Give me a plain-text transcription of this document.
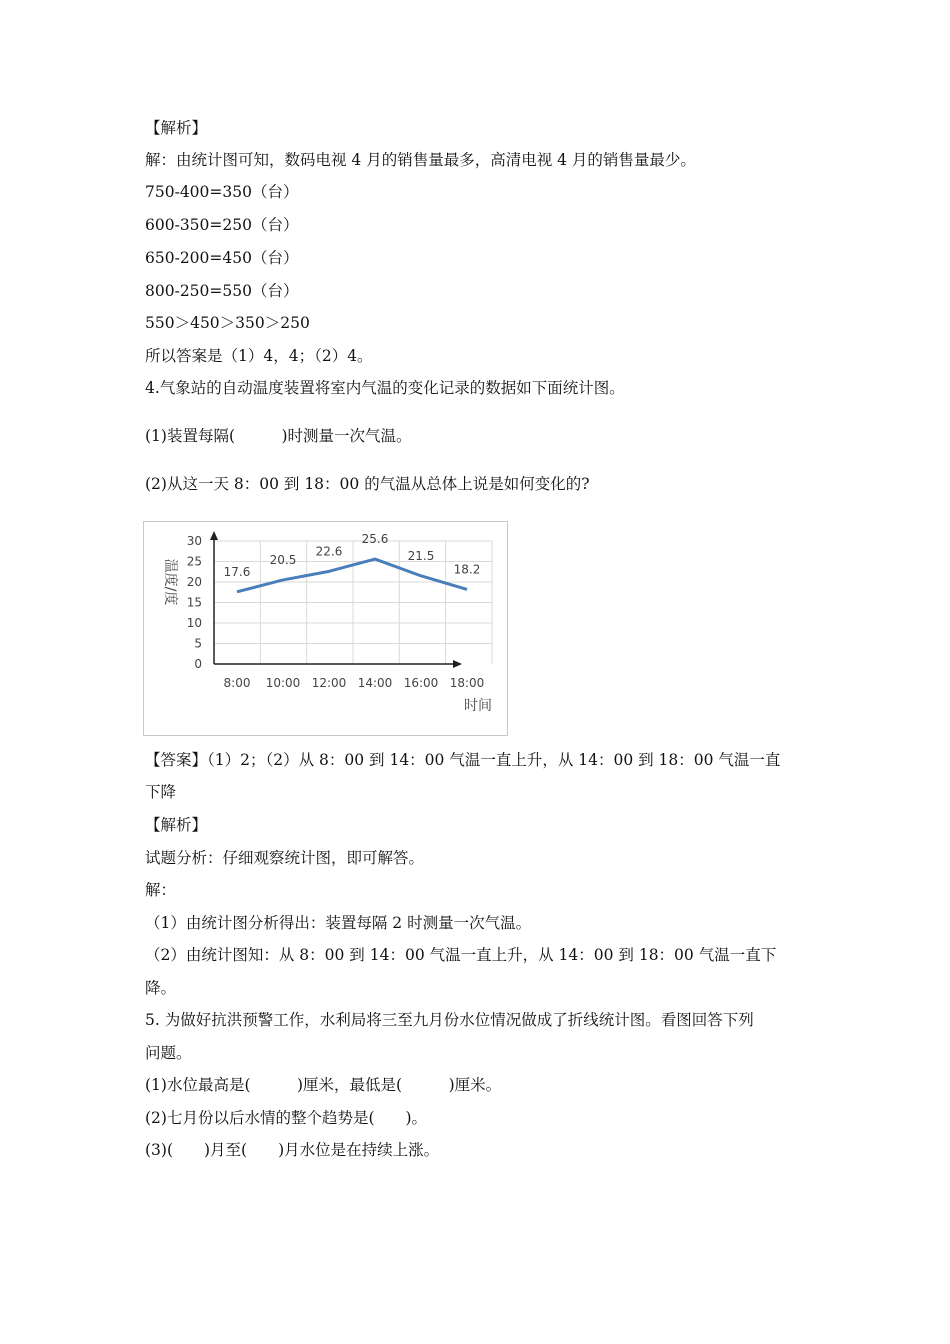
【解析】
解：由统计图可知，数码电视 4 月的销售量最多，高清电视 4 月的销售量最少。
750-400=350（台）
600-350=250（台）
650-200=450（台）
800-250=550（台）
550＞450＞350＞250
所以答案是（1）4，4；（2）4。
4.气象站的自动温度装置将室内气温的变化记录的数据如下面统计图。
(1)装置每隔(　　　)时测量一次气温。
(2)从这一天 8：00 到 18：00 的气温从总体上说是如何变化的?
0
5
10
15
20
25
30
8:00 10:00 12:00 14:00 16:00 18:00
17.6
20.5
22.6
25.6
21.5
18.2
温度/度
时间
【答案】（1）2；（2）从 8：00 到 14：00 气温一直上升，从 14：00 到 18：00 气温一直
下降
【解析】
试题分析：仔细观察统计图，即可解答。
解：
（1）由统计图分析得出：装置每隔 2 时测量一次气温。
（2）由统计图知：从 8：00 到 14：00 气温一直上升，从 14：00 到 18：00 气温一直下
降。
5. 为做好抗洪预警工作，水利局将三至九月份水位情况做成了折线统计图。看图回答下列
问题。
(1)水位最高是(　　　)厘米，最低是(　　　)厘米。
(2)七月份以后水情的整个趋势是(　　)。
(3)(　　)月至(　　)月水位是在持续上涨。
